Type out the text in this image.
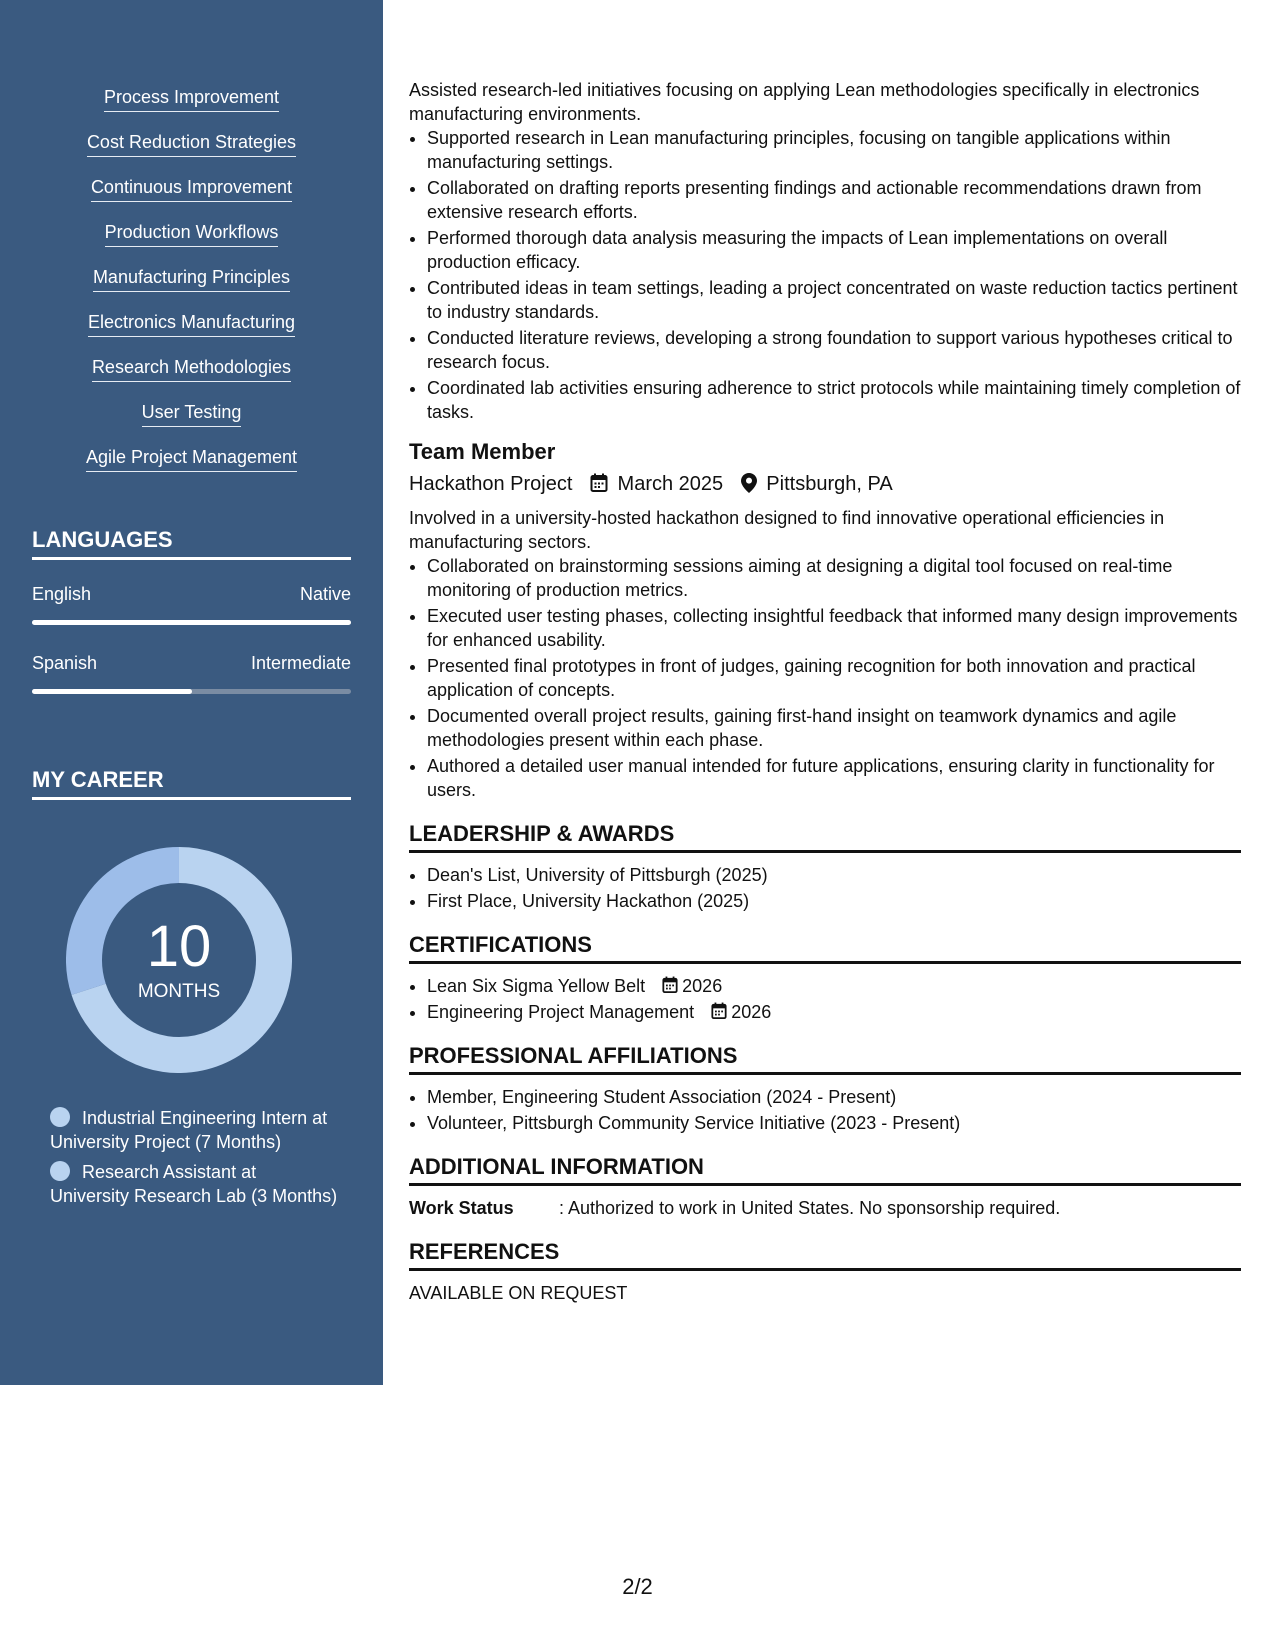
Process Improvement
Cost Reduction Strategies
Continuous Improvement
Production Workflows
Manufacturing Principles
Electronics Manufacturing
Research Methodologies
User Testing
Agile Project Management
LANGUAGES
English	Native
Spanish	Intermediate
MY CAREER
10
MONTHS
Industrial Engineering Intern at University Project (7 Months)
Research Assistant at University Research Lab (3 Months)

Assisted research-led initiatives focusing on applying Lean methodologies specifically in electronics manufacturing environments.

• Supported research in Lean manufacturing principles, focusing on tangible applications within manufacturing settings.
• Collaborated on drafting reports presenting findings and actionable recommendations drawn from extensive research efforts.
• Performed thorough data analysis measuring the impacts of Lean implementations on overall production efficacy.
• Contributed ideas in team settings, leading a project concentrated on waste reduction tactics pertinent to industry standards.
• Conducted literature reviews, developing a strong foundation to support various hypotheses critical to research focus.
• Coordinated lab activities ensuring adherence to strict protocols while maintaining timely completion of tasks.
Team Member
Hackathon Project March 2025 Pittsburgh, PA

Involved in a university-hosted hackathon designed to find innovative operational efficiencies in manufacturing sectors.

• Collaborated on brainstorming sessions aiming at designing a digital tool focused on real-time monitoring of production metrics.
• Executed user testing phases, collecting insightful feedback that informed many design improvements for enhanced usability.
• Presented final prototypes in front of judges, gaining recognition for both innovation and practical application of concepts.
• Documented overall project results, gaining first-hand insight on teamwork dynamics and agile methodologies present within each phase.
• Authored a detailed user manual intended for future applications, ensuring clarity in functionality for users.
LEADERSHIP & AWARDS
• Dean's List, University of Pittsburgh (2025)
• First Place, University Hackathon (2025)
CERTIFICATIONS
• Lean Six Sigma Yellow Belt 2026
• Engineering Project Management 2026
PROFESSIONAL AFFILIATIONS
• Member, Engineering Student Association (2024 - Present)
• Volunteer, Pittsburgh Community Service Initiative (2023 - Present)
ADDITIONAL INFORMATION
Work Status	: Authorized to work in United States. No sponsorship required.
REFERENCES

AVAILABLE ON REQUEST

2/2
